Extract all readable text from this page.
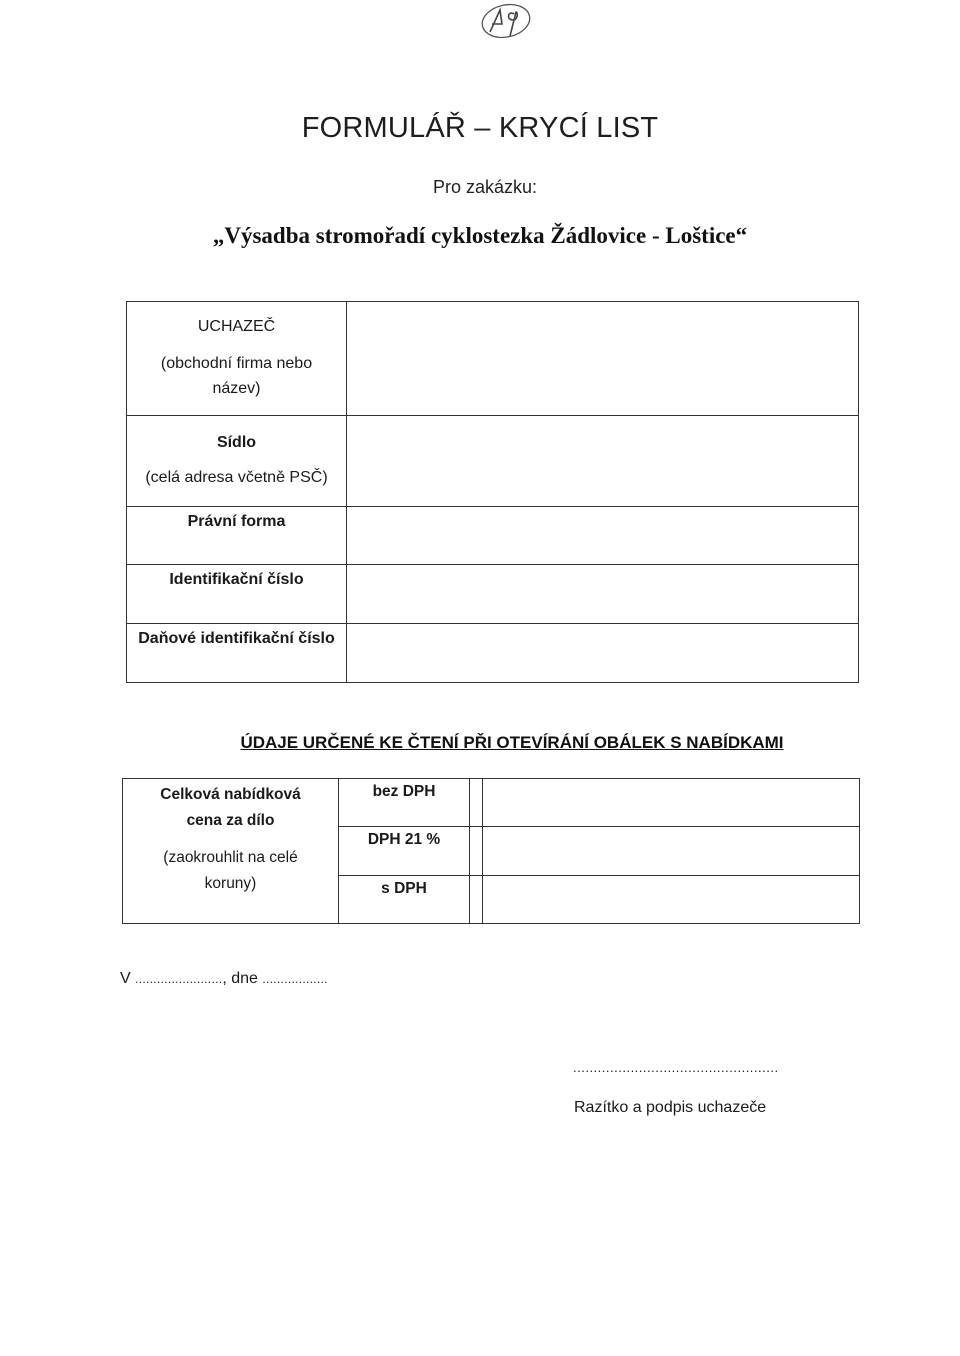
FORMULÁŘ – KRYCÍ LIST
Pro zakázku:
„Výsadba stromořadí cyklostezka Žádlovice - Loštice“
UCHAZEČ
(obchodní firma nebo název)	

Sídlo
(celá adresa včetně PSČ)	

Právní forma	

Identifikační číslo	

Daňové identifikační číslo	

ÚDAJE URČENÉ KE ČTENÍ PŘI OTEVÍRÁNÍ OBÁLEK S NABÍDKAMI
Celková nabídková cena za dílo
(zaokrouhlit na celé koruny)	bez DPH		
	DPH 21 %		
	s DPH		
V ........................, dne ..................
..................................................
Razítko a podpis uchazeče
